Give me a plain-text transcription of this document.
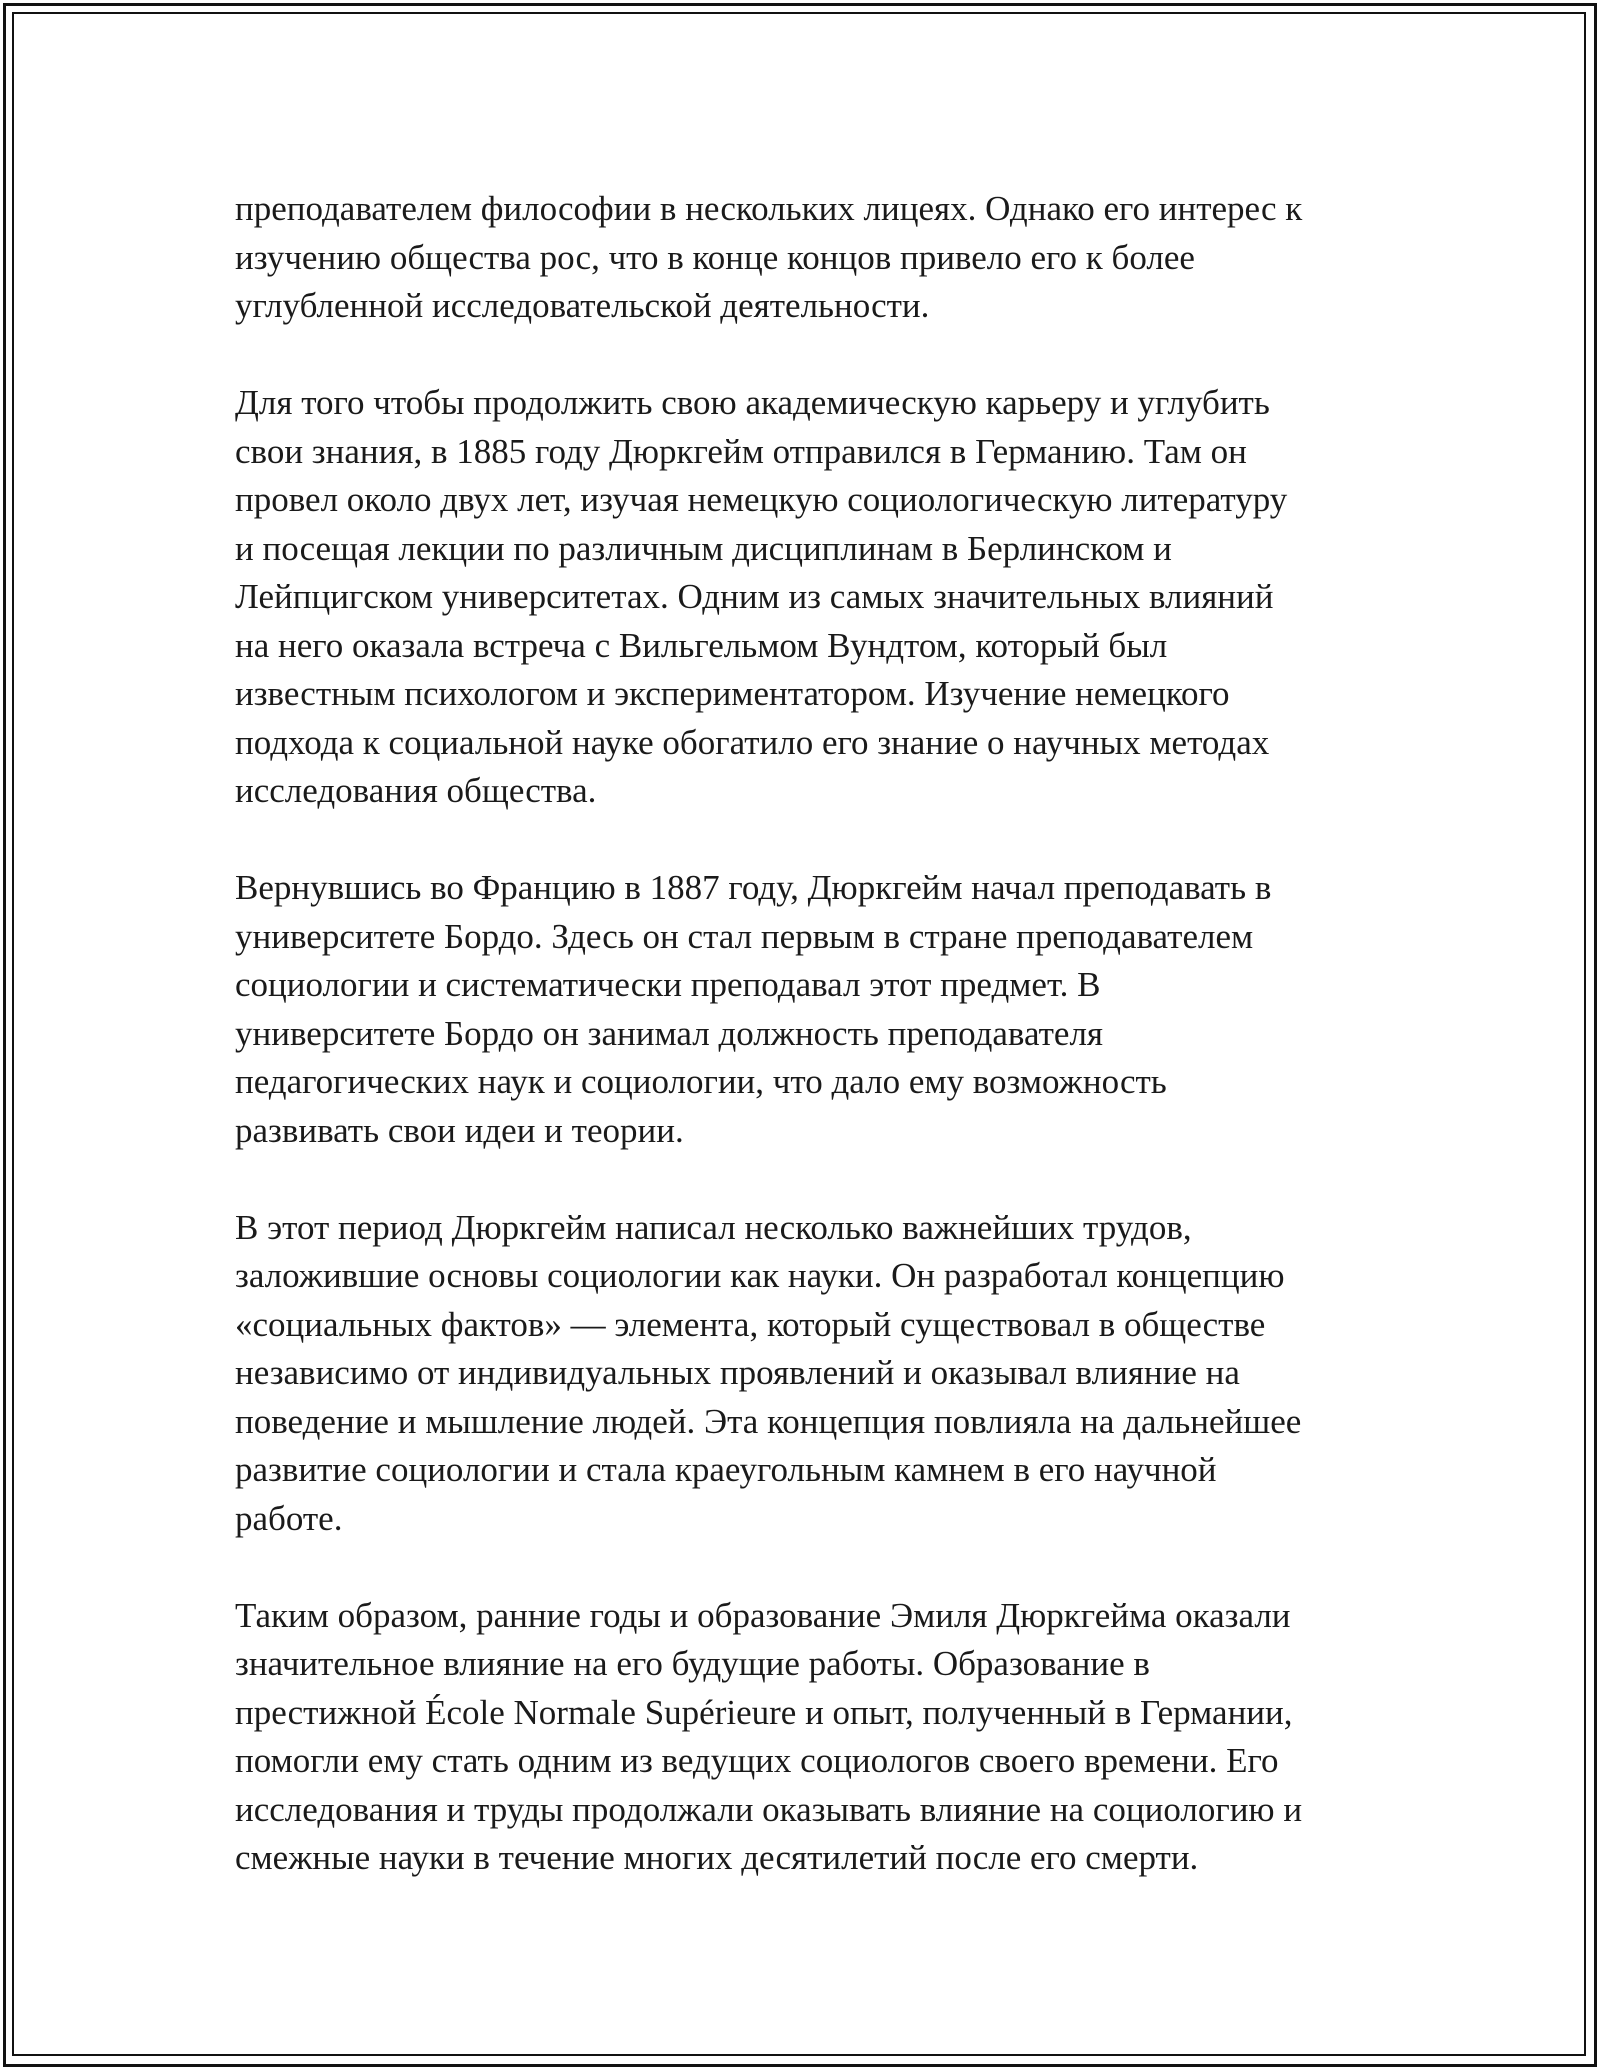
преподавателем философии в нескольких лицеях. Однако его интерес к
изучению общества рос, что в конце концов привело его к более
углубленной исследовательской деятельности.

Для того чтобы продолжить свою академическую карьеру и углубить
свои знания, в 1885 году Дюркгейм отправился в Германию. Там он
провел около двух лет, изучая немецкую социологическую литературу
и посещая лекции по различным дисциплинам в Берлинском и
Лейпцигском университетах. Одним из самых значительных влияний
на него оказала встреча с Вильгельмом Вундтом, который был
известным психологом и экспериментатором. Изучение немецкого
подхода к социальной науке обогатило его знание о научных методах
исследования общества.

Вернувшись во Францию в 1887 году, Дюркгейм начал преподавать в
университете Бордо. Здесь он стал первым в стране преподавателем
социологии и систематически преподавал этот предмет. В
университете Бордо он занимал должность преподавателя
педагогических наук и социологии, что дало ему возможность
развивать свои идеи и теории.

В этот период Дюркгейм написал несколько важнейших трудов,
заложившие основы социологии как науки. Он разработал концепцию
«социальных фактов» — элемента, который существовал в обществе
независимо от индивидуальных проявлений и оказывал влияние на
поведение и мышление людей. Эта концепция повлияла на дальнейшее
развитие социологии и стала краеугольным камнем в его научной
работе.

Таким образом, ранние годы и образование Эмиля Дюркгейма оказали
значительное влияние на его будущие работы. Образование в
престижной École Normale Supérieure и опыт, полученный в Германии,
помогли ему стать одним из ведущих социологов своего времени. Его
исследования и труды продолжали оказывать влияние на социологию и
смежные науки в течение многих десятилетий после его смерти.
